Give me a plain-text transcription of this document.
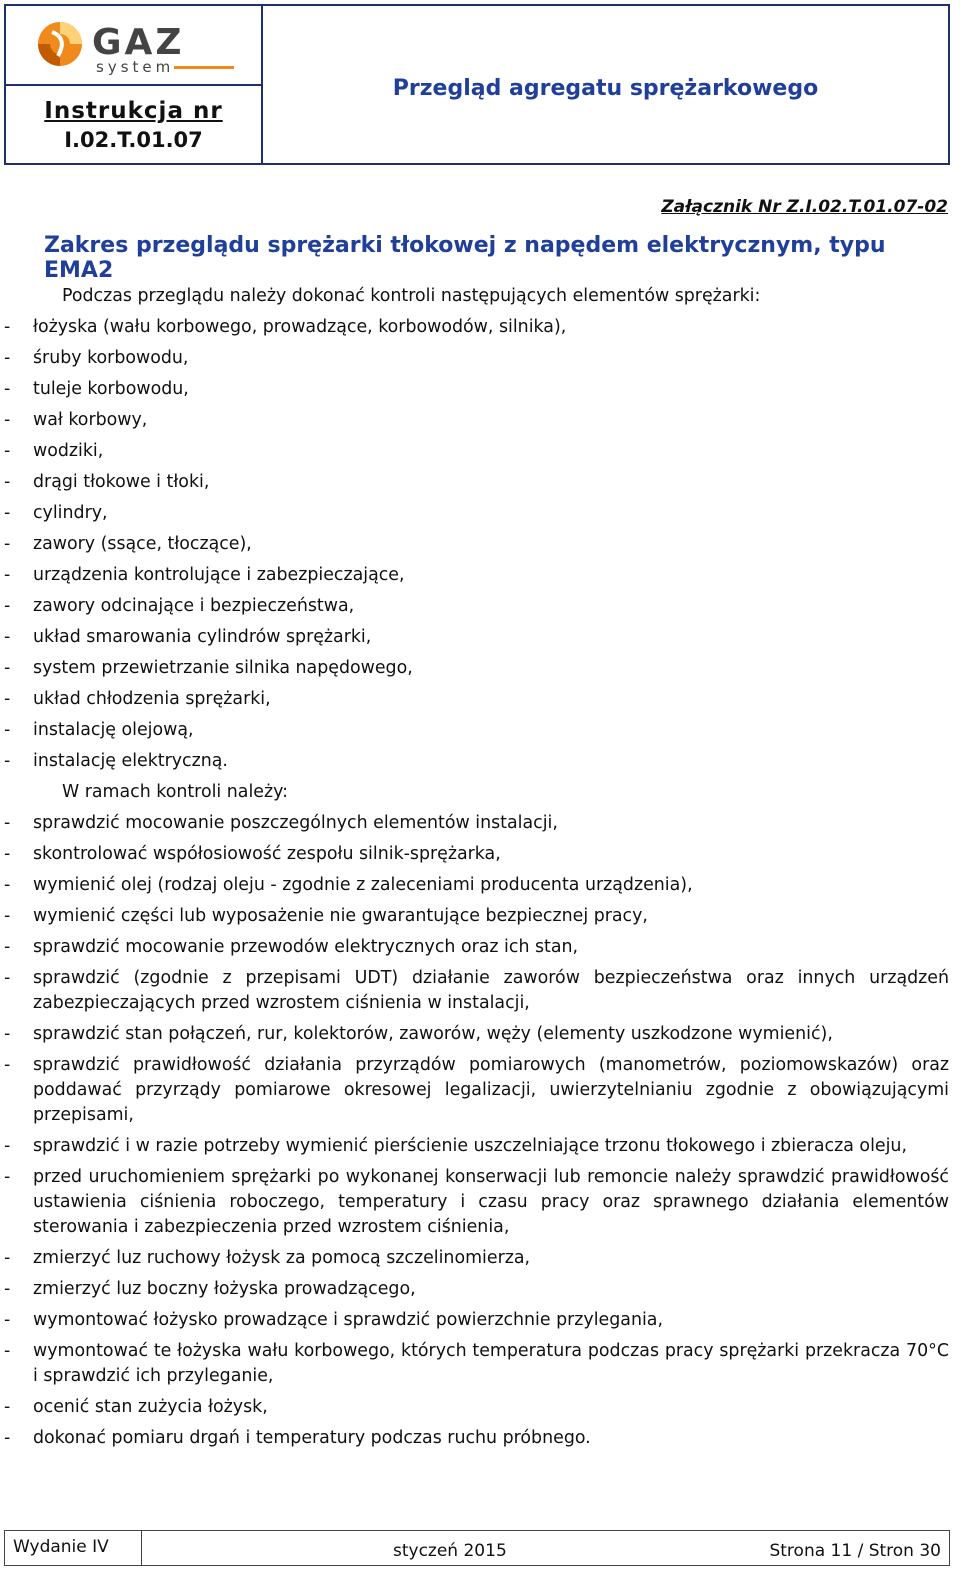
GAZ
system
Instrukcja nr
I.02.T.01.07
Przegląd agregatu sprężarkowego
Załącznik Nr Z.I.02.T.01.07-02
Zakres przeglądu sprężarki tłokowej z napędem elektrycznym, typu EMA2

Podczas przeglądu należy dokonać kontroli następujących elementów sprężarki:

- łożyska (wału korbowego, prowadzące, korbowodów, silnika),
- śruby korbowodu,
- tuleje korbowodu,
- wał korbowy,
- wodziki,
- drągi tłokowe i tłoki,
- cylindry,
- zawory (ssące, tłoczące),
- urządzenia kontrolujące i zabezpieczające,
- zawory odcinające i bezpieczeństwa,
- układ smarowania cylindrów sprężarki,
- system przewietrzanie silnika napędowego,
- układ chłodzenia sprężarki,
- instalację olejową,
- instalację elektryczną.

W ramach kontroli należy:

- sprawdzić mocowanie poszczególnych elementów instalacji,
- skontrolować współosiowość zespołu silnik-sprężarka,
- wymienić olej (rodzaj oleju - zgodnie z zaleceniami producenta urządzenia),
- wymienić części lub wyposażenie nie gwarantujące bezpiecznej pracy,
- sprawdzić mocowanie przewodów elektrycznych oraz ich stan,
- sprawdzić (zgodnie z przepisami UDT) działanie zaworów bezpieczeństwa oraz innych urządzeń zabezpieczających przed wzrostem ciśnienia w instalacji,
- sprawdzić stan połączeń, rur, kolektorów, zaworów, węży (elementy uszkodzone wymienić),
- sprawdzić prawidłowość działania przyrządów pomiarowych (manometrów, poziomowskazów) oraz poddawać przyrządy pomiarowe okresowej legalizacji, uwierzytelnianiu zgodnie z obowiązującymi przepisami,
- sprawdzić i w razie potrzeby wymienić pierścienie uszczelniające trzonu tłokowego i zbieracza oleju,
- przed uruchomieniem sprężarki po wykonanej konserwacji lub remoncie należy sprawdzić prawidłowość ustawienia ciśnienia roboczego, temperatury i czasu pracy oraz sprawnego działania elementów sterowania i zabezpieczenia przed wzrostem ciśnienia,
- zmierzyć luz ruchowy łożysk za pomocą szczelinomierza,
- zmierzyć luz boczny łożyska prowadzącego,
- wymontować łożysko prowadzące i sprawdzić powierzchnie przylegania,
- wymontować te łożyska wału korbowego, których temperatura podczas pracy sprężarki przekracza 70°C i sprawdzić ich przyleganie,
- ocenić stan zużycia łożysk,
- dokonać pomiaru drgań i temperatury podczas ruchu próbnego.
Wydanie IV	styczeń 2015	Strona 11 / Stron 30
